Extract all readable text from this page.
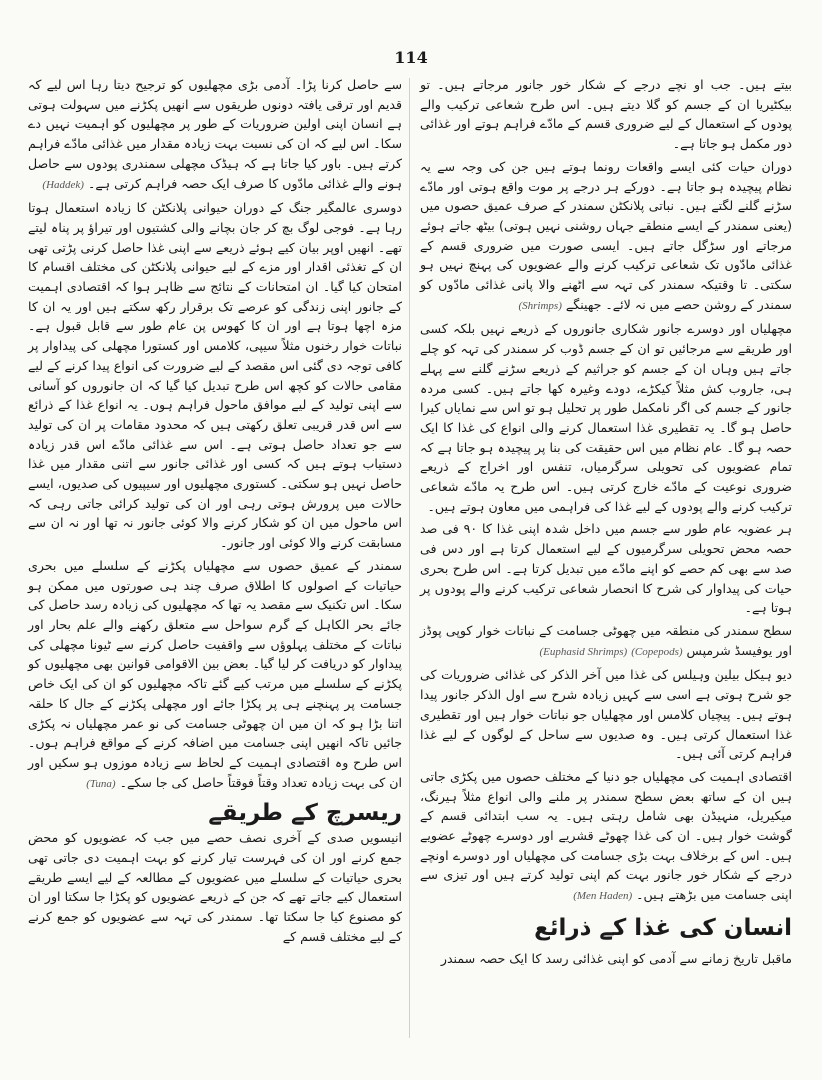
114

بیتے ہیں۔ جب او نچے درجے کے شکار خور جانور مرجاتے ہیں۔ تو بیکٹیریا ان کے جسم کو گلا دیتے ہیں۔ اس طرح شعاعی ترکیب والے پودوں کے استعمال کے لیے ضروری قسم کے مادّے فراہم ہوتے اور غذائی دور مکمل ہو جاتا ہے۔

دوران حیات کئی ایسے واقعات رونما ہوتے ہیں جن کی وجہ سے یہ نظام پیچیدہ ہو جاتا ہے۔ دورکے ہر درجے پر موت واقع ہوتی اور مادّے سڑنے گلنے لگتے ہیں۔ نباتی پلانکٹن سمندر کے صرف عمیق حصوں میں (یعنی سمندر کے ایسے منطقے جہاں روشنی نہیں ہوتی) بیٹھ جاتے ہوئے مرجاتے اور سڑگل جاتے ہیں۔ ایسی صورت میں ضروری قسم کے غذائی مادّوں تک شعاعی ترکیب کرنے والے عضویوں کی پہنچ نہیں ہو سکتی۔ تا وقتیکہ سمندر کی تہہ سے اٹھنے والا پانی غذائی مادّوں کو سمندر کے روشن حصے میں نہ لائے۔ جھینگے (Shrimps)

مچھلیاں اور دوسرے جانور شکاری جانوروں کے ذریعے نہیں بلکہ کسی اور طریقے سے مرجائیں تو ان کے جسم ڈوب کر سمندر کی تہہ کو چلے جاتے ہیں وہاں ان کے جسم کو جراثیم کے ذریعے سڑنے گلنے سے پہلے ہی، جاروب کش مثلاً کیکڑے، دودے وغیرہ کھا جاتے ہیں۔ کسی مردہ جانور کے جسم کی اگر نامکمل طور پر تحلیل ہو تو اس سے نمایاں کیرا حاصل ہو گا۔ یہ تقطیری غذا استعمال کرنے والی انواع کی غذا کا ایک حصہ ہو گا۔ عام نظام میں اس حقیقت کی بنا پر پیچیدہ ہو جاتا ہے کہ تمام عضویوں کی تحویلی سرگرمیاں، تنفس اور اخراج کے ذریعے ضروری نوعیت کے مادّے خارج کرتی ہیں۔ اس طرح یہ مادّے شعاعی ترکیب کرنے والے پودوں کے لیے غذا کی فراہمی میں معاون ہوتے ہیں۔

ہر عضویہ عام طور سے جسم میں داخل شدہ اپنی غذا کا ۹۰ فی صد حصہ محض تحویلی سرگرمیوں کے لیے استعمال کرتا ہے اور دس فی صد سے بھی کم حصے کو اپنے مادّے میں تبدیل کرتا ہے۔ اس طرح بحری حیات کی پیداوار کی شرح کا انحصار شعاعی ترکیب کرنے والے پودوں پر ہوتا ہے۔

سطح سمندر کی منطقہ میں چھوٹی جسامت کے نباتات خوار کوپی پوڈز اور یوفیسڈ شرمپس (Copepods) (Euphasid Shrimps)

دیو ہیکل بیلین وہیلس کی غذا میں آخر الذکر کی غذائی ضروریات کی جو شرح ہوتی ہے اسی سے کہیں زیادہ شرح سے اول الذکر جانور پیدا ہوتے ہیں۔ پیچیاں کلامس اور مچھلیاں جو نباتات خوار ہیں اور تقطیری غذا استعمال کرتی ہیں۔ وہ صدیوں سے ساحل کے لوگوں کے لیے غذا فراہم کرتی آئی ہیں۔

اقتصادی اہمیت کی مچھلیاں جو دنیا کے مختلف حصوں میں پکڑی جاتی ہیں ان کے ساتھ بعض سطح سمندر پر ملنے والی انواع مثلاً ہیرنگ، میکیریل، منہیڈن بھی شامل رہتی ہیں۔ یہ سب ابتدائی قسم کے گوشت خوار ہیں۔ ان کی غذا چھوٹے قشریے اور دوسرے چھوٹے عضویے ہیں۔ اس کے برخلاف بہت بڑی جسامت کی مچھلیاں اور دوسرے اونچے درجے کے شکار خور جانور بہت کم اپنی تولید کرتے ہیں اور تیزی سے اپنی جسامت میں بڑھتے ہیں۔ (Men Haden)

انسان کی غذا کے ذرائع
ماقبل تاریخ زمانے سے آدمی کو اپنی غذائی رسد کا ایک حصہ سمندر

سے حاصل کرنا پڑا۔ آدمی بڑی مچھلیوں کو ترجیح دیتا رہا اس لیے کہ قدیم اور ترقی یافتہ دونوں طریقوں سے انھیں پکڑنے میں سہولت ہوتی ہے انسان اپنی اولین ضروریات کے طور پر مچھلیوں کو اہمیت نہیں دے سکا۔ اس لیے کہ ان کی نسبت بہت زیادہ مقدار میں غذائی مادّے فراہم کرتے ہیں۔ باور کیا جاتا ہے کہ ہیڈک مچھلی سمندری پودوں سے حاصل ہونے والے غذائی مادّوں کا صرف ایک حصہ فراہم کرتی ہے۔ (Haddek)

دوسری عالمگیر جنگ کے دوران حیوانی پلانکٹن کا زیادہ استعمال ہوتا رہا ہے۔ فوجی لوگ بچ کر جان بچانے والی کشتیوں اور تیراؤ پر پناہ لیتے تھے۔ انھیں اوپر بیان کیے ہوئے ذریعے سے اپنی غذا حاصل کرنی پڑتی تھی ان کے تغذئی اقدار اور مزے کے لیے حیوانی پلانکٹن کی مختلف اقسام کا امتحان کیا گیا۔ ان امتحانات کے نتائج سے ظاہر ہوا کہ اقتصادی اہمیت کے جانور اپنی زندگی کو عرصے تک برقرار رکھ سکتے ہیں اور یہ ان کا مزہ اچھا ہوتا ہے اور ان کا کھوس پن عام طور سے قابل قبول ہے۔ نباتات خوار رخنوں مثلاً سیپی، کلامس اور کستورا مچھلی کی پیداوار پر کافی توجہ دی گئی اس مقصد کے لیے ضرورت کی انواع پیدا کرنے کے لیے مقامی حالات کو کچھ اس طرح تبدیل کیا گیا کہ ان جانوروں کو آسانی سے اپنی تولید کے لیے موافق ماحول فراہم ہوں۔ یہ انواع غذا کے ذرائع سے اس قدر قریبی تعلق رکھتی ہیں کہ محدود مقامات پر ان کی تولید سے جو تعداد حاصل ہوتی ہے۔ اس سے غذائی مادّے اس قدر زیادہ دستیاب ہوتے ہیں کہ کسی اور غذائی جانور سے اتنی مقدار میں غذا حاصل نہیں ہو سکتی۔ کستوری مچھلیوں اور سیپیوں کی صدیوں، ایسے حالات میں پرورش ہوتی رہی اور ان کی تولید کرائی جاتی رہی کہ اس ماحول میں ان کو شکار کرنے والا کوئی جانور نہ تھا اور نہ ان سے مسابقت کرنے والا کوئی اور جانور۔

سمندر کے عمیق حصوں سے مچھلیاں پکڑنے کے سلسلے میں بحری حیاتیات کے اصولوں کا اطلاق صرف چند ہی صورتوں میں ممکن ہو سکا۔ اس تکنیک سے مقصد یہ تھا کہ مچھلیوں کی زیادہ رسد حاصل کی جائے بحر الکاہل کے گرم سواحل سے متعلق رکھنے والے علم بحار اور نباتات کے مختلف پہلوؤں سے واقفیت حاصل کرنے سے ٹیونا مچھلی کی پیداوار کو دریافت کر لیا گیا۔ بعض بین الاقوامی قوانین بھی مچھلیوں کو پکڑنے کے سلسلے میں مرتب کیے گئے تاکہ مچھلیوں کو ان کی ایک خاص جسامت پر پہنچنے ہی پر پکڑا جائے اور مچھلی پکڑنے کے جال کا حلقہ اتنا بڑا ہو کہ ان میں ان چھوٹی جسامت کی نو عمر مچھلیاں نہ پکڑی جائیں تاکہ انھیں اپنی جسامت میں اضافہ کرنے کے مواقع فراہم ہوں۔ اس طرح وہ اقتصادی اہمیت کے لحاظ سے زیادہ موزوں ہو سکیں اور ان کی بہت زیادہ تعداد وقتاً فوقتاً حاصل کی جا سکے۔ (Tuna)

ریسرچ کے طریقے

انیسویں صدی کے آخری نصف حصے میں جب کہ عضویوں کو محض جمع کرنے اور ان کی فہرست تیار کرنے کو بہت اہمیت دی جاتی تھی بحری حیاتیات کے سلسلے میں عضویوں کے مطالعہ کے لیے ایسے طریقے استعمال کیے جاتے تھے کہ جن کے ذریعے عضویوں کو پکڑا جا سکتا اور ان کو مصنوع کیا جا سکتا تھا۔ سمندر کی تہہ سے عضویوں کو جمع کرنے کے لیے مختلف قسم کے
